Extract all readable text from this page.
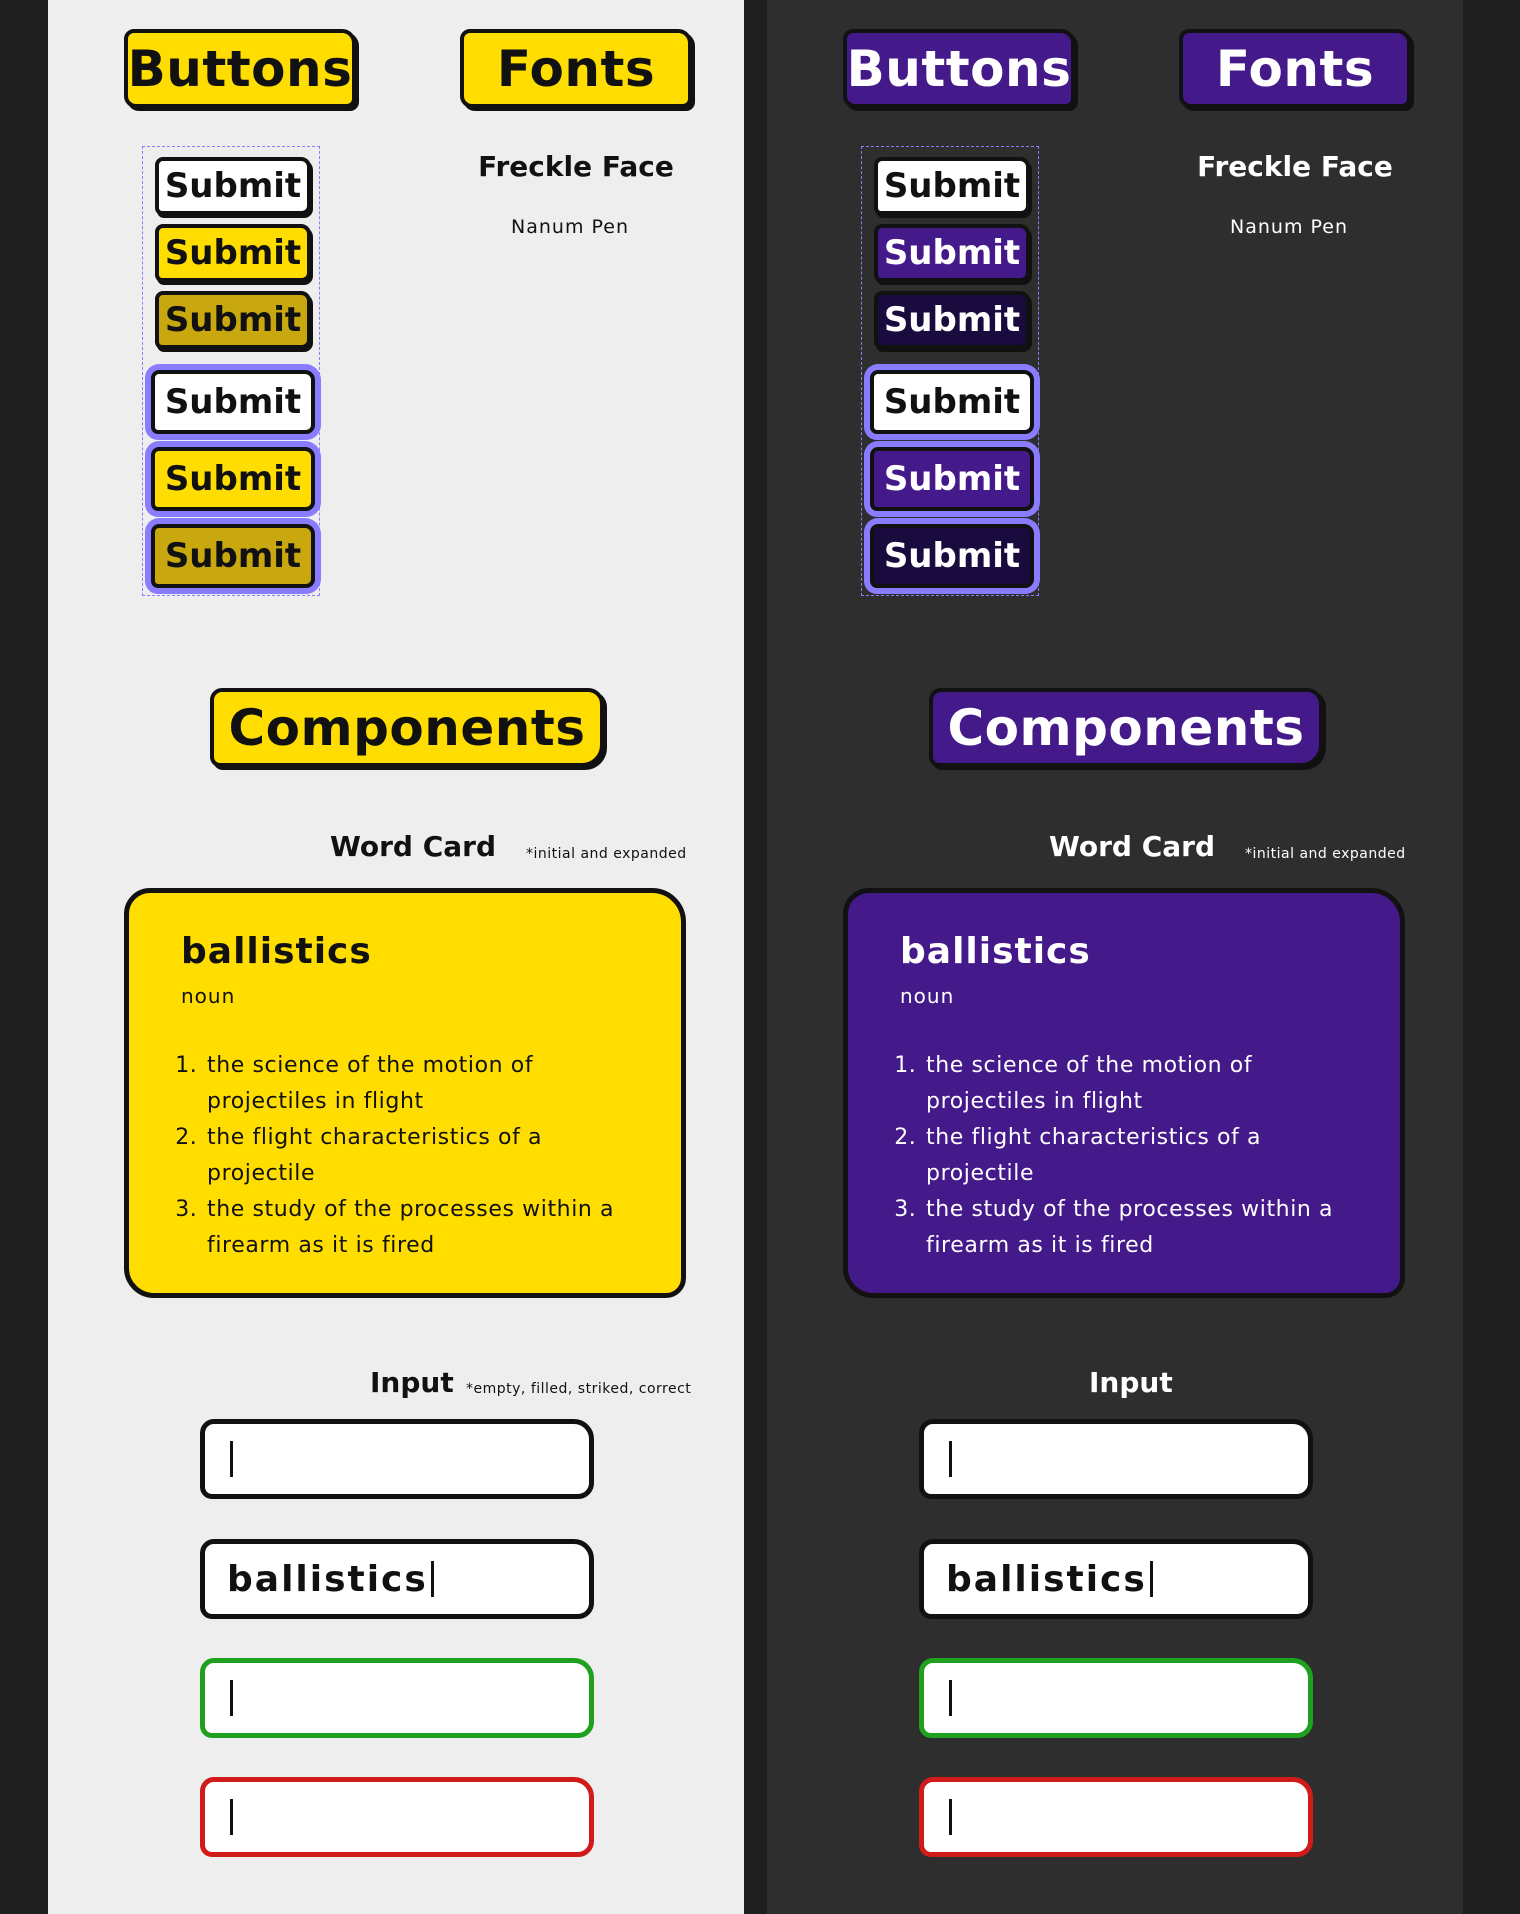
Buttons	Fonts
Submit
Submit
Submit
Submit
Submit
Submit
Freckle Face
Nanum Pen
Components
Word Card *initial and expanded
ballistics
noun
1. the science of the motion of projectiles in flight
2. the flight characteristics of a projectile
3. the study of the processes within a firearm as it is fired
Input *empty, filled, striked, correct
ballistics
Buttons	Fonts
Submit
Submit
Submit
Submit
Submit
Submit
Freckle Face
Nanum Pen
Components
Word Card *initial and expanded
ballistics
noun
1. the science of the motion of projectiles in flight
2. the flight characteristics of a projectile
3. the study of the processes within a firearm as it is fired
Input
ballistics
